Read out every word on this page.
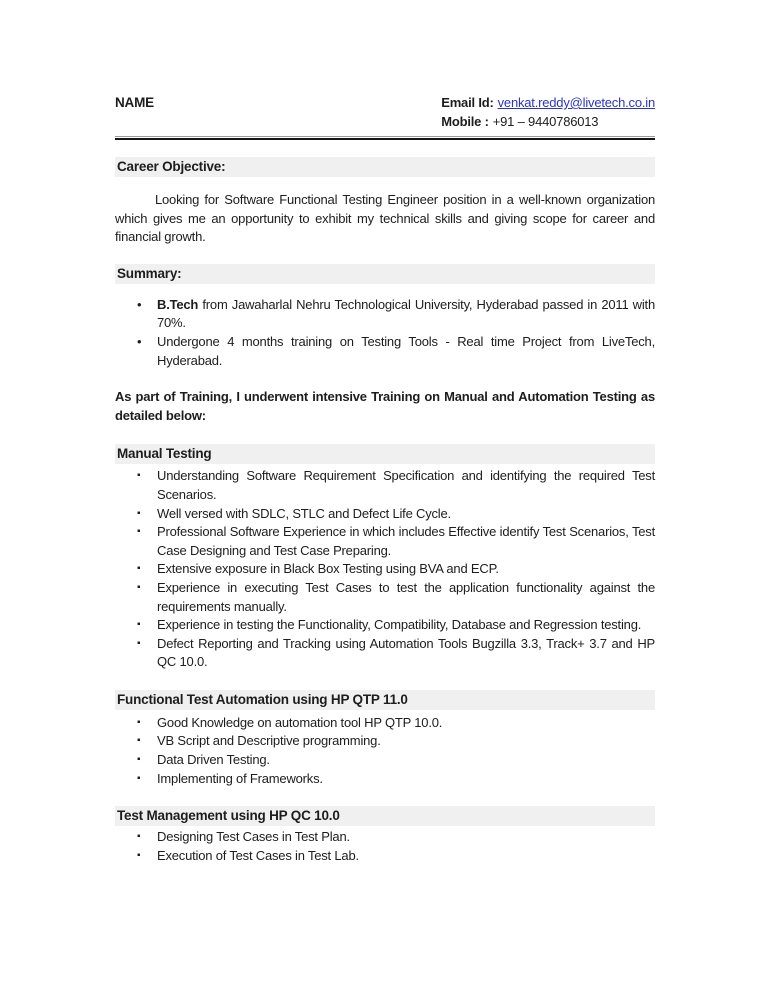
NAME	Email Id: venkat.reddy@livetech.co.in
Mobile : +91 – 9440786013
Career Objective:
Looking for Software Functional Testing Engineer position in a well-known organization which gives me an opportunity to exhibit my technical skills and giving scope for career and financial growth.
Summary:
•	B.Tech from Jawaharlal Nehru Technological University, Hyderabad passed in 2011 with 70%.
•	Undergone 4 months training on Testing Tools - Real time Project from LiveTech, Hyderabad.
As part of Training, I underwent intensive Training on Manual and Automation Testing as detailed below:
Manual Testing
▪	Understanding Software Requirement Specification and identifying the required Test Scenarios.
▪	Well versed with SDLC, STLC and Defect Life Cycle.
▪	Professional Software Experience in which includes Effective identify Test Scenarios, Test Case Designing and Test Case Preparing.
▪	Extensive exposure in Black Box Testing using BVA and ECP.
▪	Experience in executing Test Cases to test the application functionality against the requirements manually.
▪	Experience in testing the Functionality, Compatibility, Database and Regression testing.
▪	Defect Reporting and Tracking using Automation Tools Bugzilla 3.3, Track+ 3.7 and HP QC 10.0.
Functional Test Automation using HP QTP 11.0
▪	Good Knowledge on automation tool HP QTP 10.0.
▪	VB Script and Descriptive programming.
▪	Data Driven Testing.
▪	Implementing of Frameworks.
Test Management using HP QC 10.0
▪	Designing Test Cases in Test Plan.
▪	Execution of Test Cases in Test Lab.
